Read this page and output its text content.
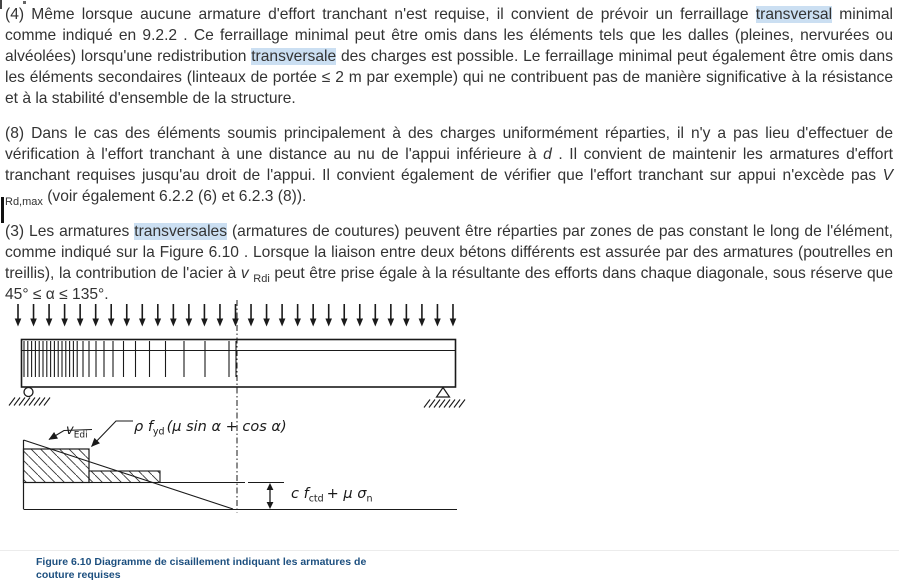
(4) Même lorsque aucune armature d'effort tranchant n'est requise, il convient de prévoir un ferraillage transversal minimal comme indiqué en 9.2.2 . Ce ferraillage minimal peut être omis dans les éléments tels que les dalles (pleines, nervurées ou alvéolées) lorsqu'une redistribution transversale des charges est possible. Le ferraillage minimal peut également être omis dans les éléments secondaires (linteaux de portée ≤ 2 m par exemple) qui ne contribuent pas de manière significative à la résistance et à la stabilité d'ensemble de la structure.

(8) Dans le cas des éléments soumis principalement à des charges uniformément réparties, il n'y a pas lieu d'effectuer de vérification à l'effort tranchant à une distance au nu de l'appui inférieure à d . Il convient de maintenir les armatures d'effort tranchant requises jusqu'au droit de l'appui. Il convient également de vérifier que l'effort tranchant sur appui n'excède pas V $_{Rd,max}$ (voir également 6.2.2 (6) et 6.2.3 (8)).

(3) Les armatures transversales (armatures de coutures) peuvent être réparties par zones de pas constant le long de l'élément, comme indiqué sur la Figure 6.10 . Lorsque la liaison entre deux bétons différents est assurée par des armatures (poutrelles en treillis), la contribution de l'acier à v $_{Rdi}$ peut être prise égale à la résultante des efforts dans chaque diagonale, sous réserve que 45° ≤ α ≤ 135°.

$v_{Edi}$
ρ $f_{yd}$ (μ sin α + cos α)
c $f_{ctd} + \mu$ $\sigma_n$
Figure 6.10 Diagramme de cisaillement indiquant les armatures de couture requises
